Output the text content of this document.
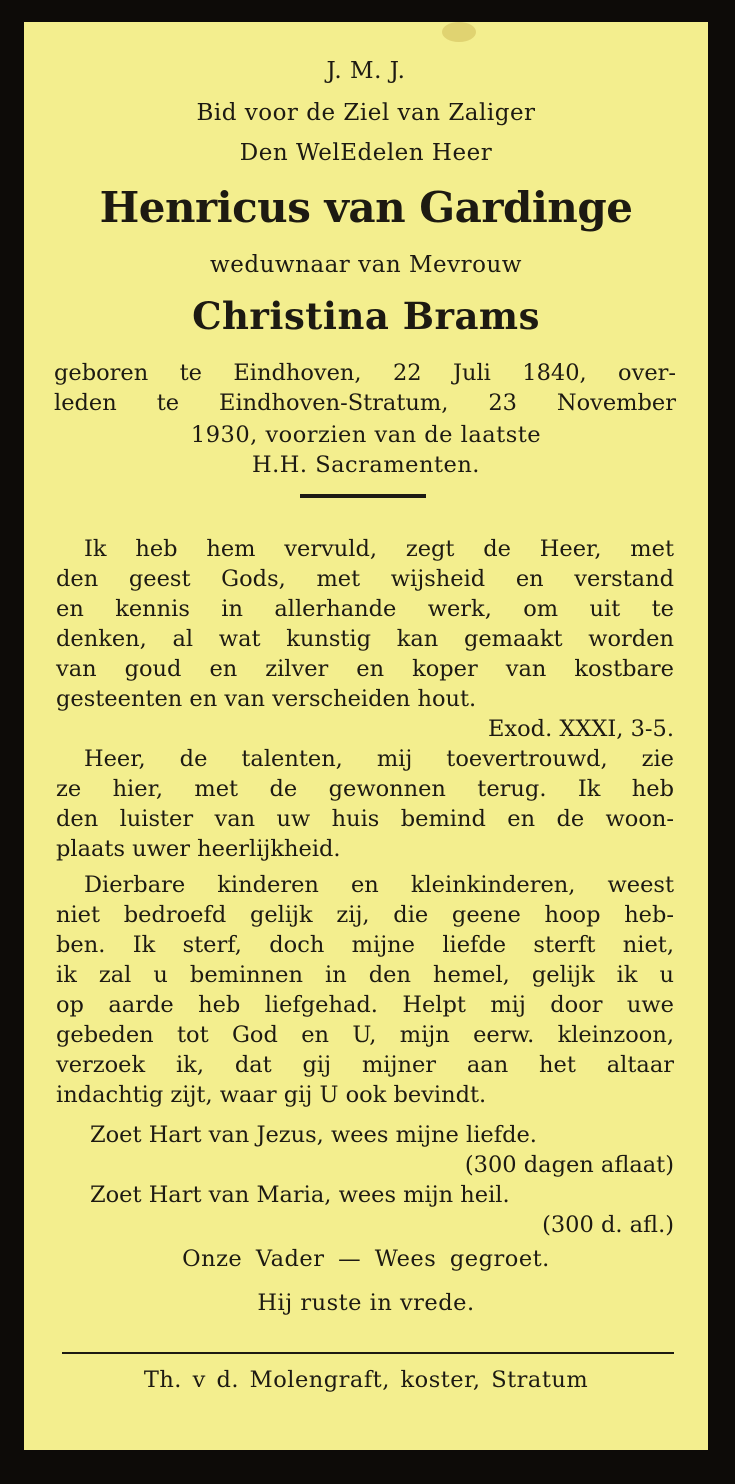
J. M. J.
Bid voor de Ziel van Zaliger
Den WelEdelen Heer
Henricus van Gardinge
weduwnaar van Mevrouw
Christina Brams
geboren te Eindhoven, 22 Juli 1840, over-
leden te Eindhoven-Stratum, 23 November
1930, voorzien van de laatste
H.H. Sacramenten.
Ik heb hem vervuld, zegt de Heer, met
den geest Gods, met wijsheid en verstand
en kennis in allerhande werk, om uit te
denken, al wat kunstig kan gemaakt worden
van goud en zilver en koper van kostbare
gesteenten en van verscheiden hout.
Exod. XXXI, 3-5.
Heer, de talenten, mij toevertrouwd, zie
ze hier, met de gewonnen terug. Ik heb
den luister van uw huis bemind en de woon-
plaats uwer heerlijkheid.
Dierbare kinderen en kleinkinderen, weest
niet bedroefd gelijk zij, die geene hoop heb-
ben. Ik sterf, doch mijne liefde sterft niet,
ik zal u beminnen in den hemel, gelijk ik u
op aarde heb liefgehad. Helpt mij door uwe
gebeden tot God en U, mijn eerw. kleinzoon,
verzoek ik, dat gij mijner aan het altaar
indachtig zijt, waar gij U ook bevindt.
Zoet Hart van Jezus, wees mijne liefde.
(300 dagen aflaat)
Zoet Hart van Maria, wees mijn heil.
(300 d. afl.)
Onze Vader — Wees gegroet.
Hij ruste in vrede.
Th. v d. Molengraft, koster, Stratum
